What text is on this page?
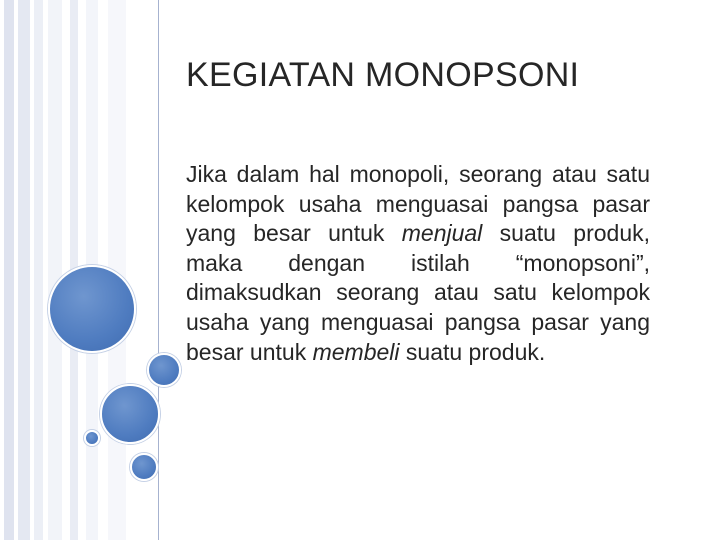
KEGIATAN MONOPSONI

Jika dalam hal monopoli, seorang atau satu kelompok usaha menguasai pangsa pasar yang besar untuk menjual suatu produk, maka dengan istilah “monopsoni”, dimaksudkan seorang atau satu kelompok usaha yang menguasai pangsa pasar yang besar untuk membeli suatu produk.
